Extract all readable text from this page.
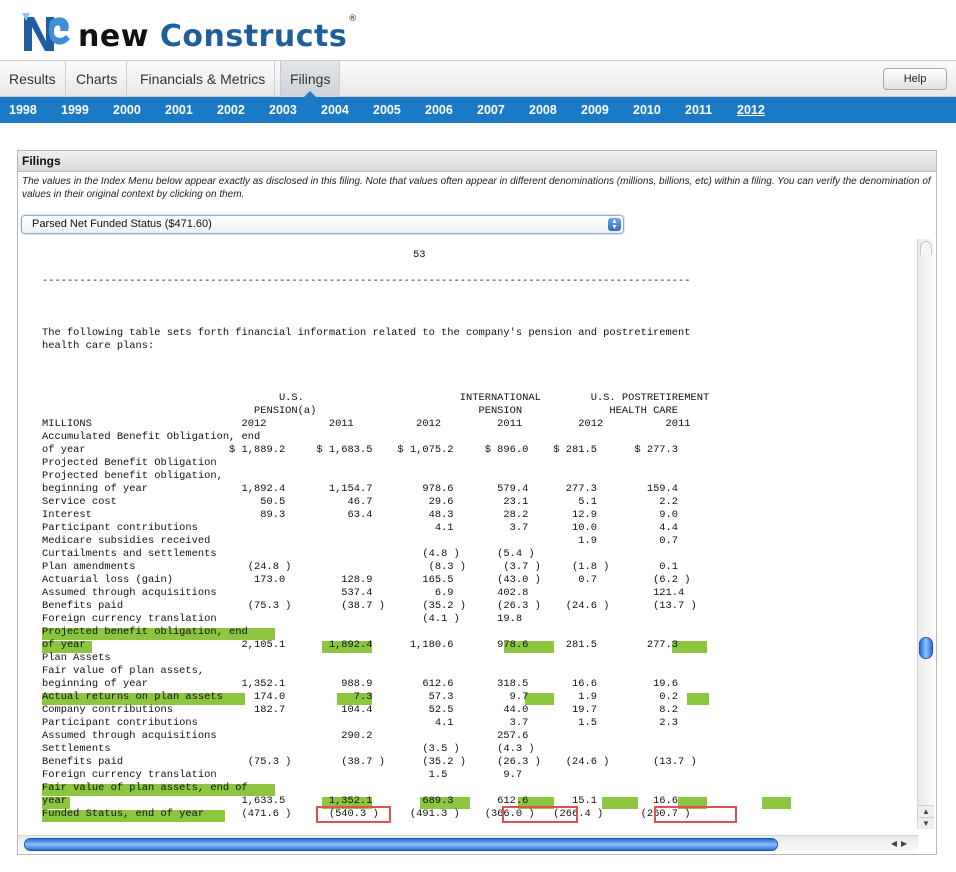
new Constructs®
Results	Charts	Financials & Metrics	Filings	Help
1998 1999 2000 2001 2002 2003 2004 2005 2006 2007 2008 2009 2010 2011 2012
Filings
The values in the Index Menu below appear exactly as disclosed in this filing. Note that values often appear in different denominations (millions, billions, etc) within a filing. You can verify the denomination of values in their original context by clicking on them.
Parsed Net Funded Status ($471.60)	▲
▼
53
--------------------------------------------------------------------------------------------------------
The following table sets forth financial information related to the company's pension and postretirement
health care plans:
U.S.                         INTERNATIONAL        U.S. POSTRETIREMENT
PENSION(a)                          PENSION              HEALTH CARE
MILLIONS                        2012          2011          2012         2011         2012          2011
Accumulated Benefit Obligation, end
of year                       $ 1,889.2     $ 1,683.5    $ 1,075.2     $ 896.0    $ 281.5      $ 277.3
Projected Benefit Obligation
Projected benefit obligation,
beginning of year               1,892.4       1,154.7        978.6       579.4      277.3        159.4
Service cost                       50.5          46.7         29.6        23.1        5.1          2.2
Interest                           89.3          63.4         48.3        28.2       12.9          9.0
Participant contributions                                      4.1         3.7       10.0          4.4
Medicare subsidies received                                                           1.9          0.7
Curtailments and settlements                                 (4.8 )      (5.4 )
Plan amendments                  (24.8 )                      (8.3 )      (3.7 )     (1.8 )        0.1
Actuarial loss (gain)             173.0         128.9        165.5       (43.0 )      0.7         (6.2 )
Assumed through acquisitions                    537.4          6.9       402.8                    121.4
Benefits paid                    (75.3 )        (38.7 )      (35.2 )     (26.3 )    (24.6 )       (13.7 )
Foreign currency translation                                 (4.1 )      19.8
Projected benefit obligation, end
of year                         2,105.1       1,892.4      1,180.6       978.6      281.5        277.3
Plan Assets
Fair value of plan assets,
beginning of year               1,352.1         988.9        612.6       318.5       16.6         19.6
Actual returns on plan assets     174.0           7.3         57.3         9.7        1.9          0.2
Company contributions             182.7         104.4         52.5        44.0       19.7          8.2
Participant contributions                                      4.1         3.7        1.5          2.3
Assumed through acquisitions                    290.2                    257.6
Settlements                                                  (3.5 )      (4.3 )
Benefits paid                    (75.3 )        (38.7 )      (35.2 )     (26.3 )    (24.6 )       (13.7 )
Foreign currency translation                                  1.5         9.7
Fair value of plan assets, end of
year                            1,633.5       1,352.1        689.3       612.6       15.1         16.6
Funded Status, end of year      (471.6 )      (540.3 )     (491.3 )    (366.0 )   (266.4 )      (260.7 )	▲
▼
◀▶
